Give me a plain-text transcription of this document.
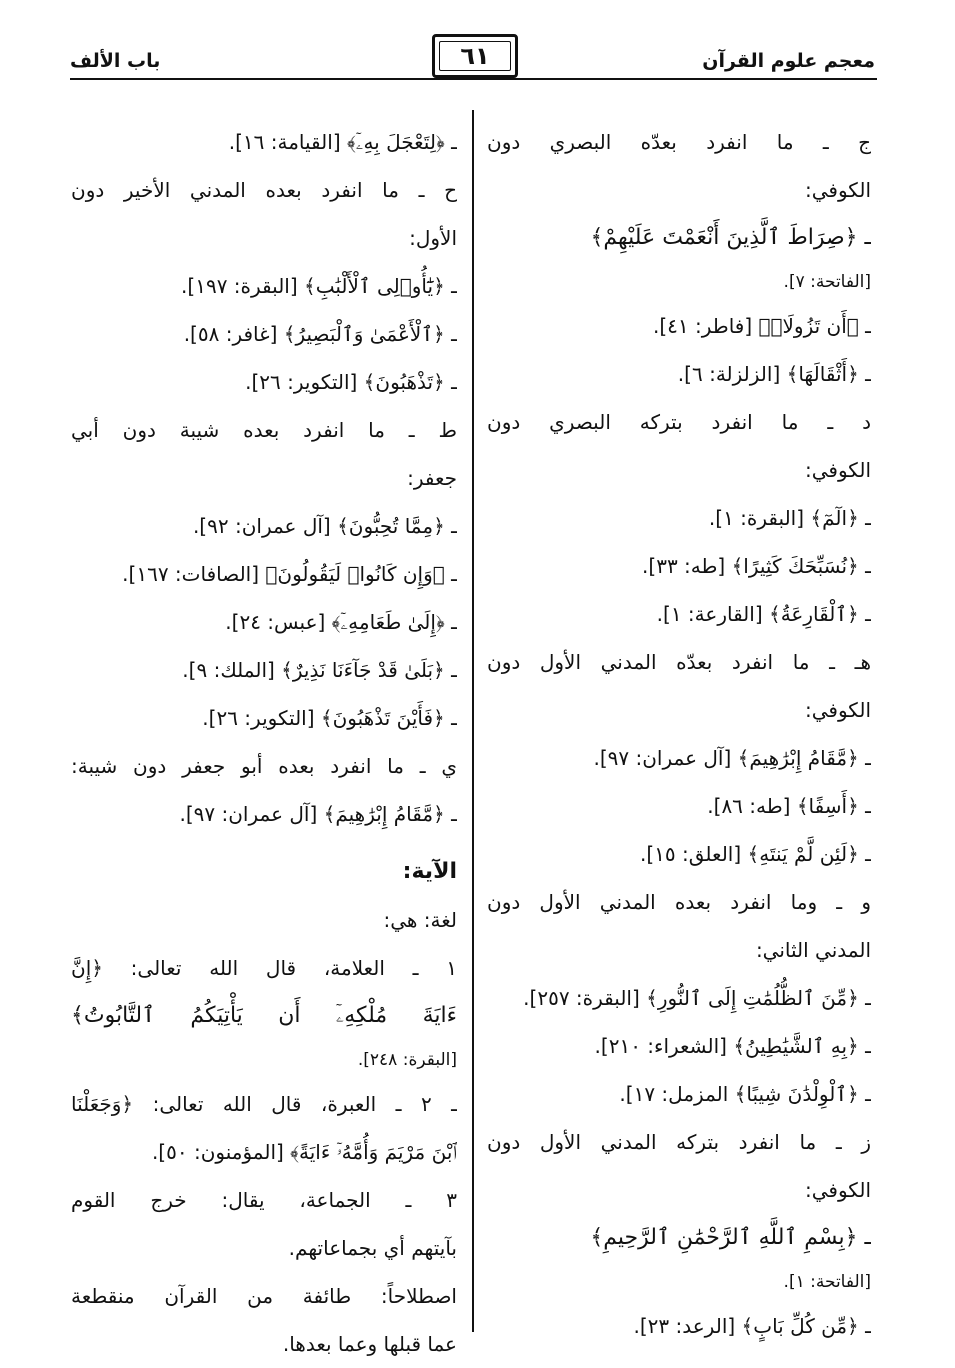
معجم علوم القرآن
٦١
باب الألف
ج ـ ما انفرد بعدّه البصري دون
الكوفي:
ـ ﴿صِرَاطَ ٱلَّذِينَ أَنْعَمْتَ عَلَيْهِمْ﴾
[الفاتحة: ٧].
ـ ﴿أَن تَزُولَاۚ﴾ [فاطر: ٤١].
ـ ﴿أَثْقَالَهَا﴾ [الزلزلة: ٦].
د ـ ما انفرد بتركه البصري دون
الكوفي:
ـ ﴿الٓمٓ﴾ [البقرة: ١].
ـ ﴿نُسَبِّحَكَ كَثِيرًا﴾ [طه: ٣٣].
ـ ﴿ٱلْقَارِعَةُ﴾ [القارعة: ١].
هـ ـ ما انفرد بعدّه المدني الأول دون
الكوفي:
ـ ﴿مَّقَامُ إِبْرَٰهِيمَ﴾ [آل عمران: ٩٧].
ـ ﴿أَسِفًا﴾ [طه: ٨٦].
ـ ﴿لَئِن لَّمْ يَنتَهِ﴾ [العلق: ١٥].
و ـ وما انفرد بعده المدني الأول دون
المدني الثاني:
ـ ﴿مِّنَ ٱلظُّلُمَٰتِ إِلَى ٱلنُّورِ﴾ [البقرة: ٢٥٧].
ـ ﴿بِهِ ٱلشَّيَٰطِينُ﴾ [الشعراء: ٢١٠].
ـ ﴿ٱلْوِلْدَٰنَ شِيبًا﴾ المزمل: ١٧].
ز ـ ما انفرد بتركه المدني الأول دون
الكوفي:
ـ ﴿بِسْمِ ٱللَّهِ ٱلرَّحْمَٰنِ ٱلرَّحِيمِ﴾
[الفاتحة: ١].
ـ ﴿مِّن كُلِّ بَابٍ﴾ [الرعد: ٢٣].
ـ ﴿لِتَعْجَلَ بِهِۦٓ﴾ [القيامة: ١٦].
ح ـ ما انفرد بعده المدني الأخير دون
الأول:
ـ ﴿يَٰٓأُو۟لِى ٱلْأَلْبَٰبِ﴾ [البقرة: ١٩٧].
ـ ﴿ٱلْأَعْمَىٰ وَٱلْبَصِيرُ﴾ [غافر: ٥٨].
ـ ﴿تَذْهَبُونَ﴾ [التكوير: ٢٦].
ط ـ ما انفرد بعده شيبة دون أبي
جعفر:
ـ ﴿مِمَّا تُحِبُّونَ﴾ [آل عمران: ٩٢].
ـ ﴿وَإِن كَانُوا۟ لَيَقُولُونَ﴾ [الصافات: ١٦٧].
ـ ﴿إِلَىٰ طَعَامِهِۦٓ﴾ [عبس: ٢٤].
ـ ﴿بَلَىٰ قَدْ جَآءَنَا نَذِيرٌ﴾ [الملك: ٩].
ـ ﴿فَأَيْنَ تَذْهَبُونَ﴾ [التكوير: ٢٦].
ي ـ ما انفرد بعده أبو جعفر دون شيبة:
ـ ﴿مَّقَامُ إِبْرَٰهِيمَ﴾ [آل عمران: ٩٧].
الآية:
لغة: هي:
١ ـ العلامة، قال الله تعالى: ﴿إِنَّ
ءَايَةَ مُلْكِهِۦٓ أَن يَأْتِيَكُمُ ٱلتَّابُوتُ﴾
[البقرة: ٢٤٨].
ـ ٢ ـ العبرة، قال الله تعالى: ﴿وَجَعَلْنَا
ٱبْنَ مَرْيَمَ وَأُمَّهُۥٓ ءَايَةً﴾ [المؤمنون: ٥٠].
٣ ـ الجماعة، يقال: خرج القوم
بآيتهم أي بجماعاتهم.
اصطلاحاً: طائفة من القرآن منقطعة
عما قبلها وعما بعدها.
